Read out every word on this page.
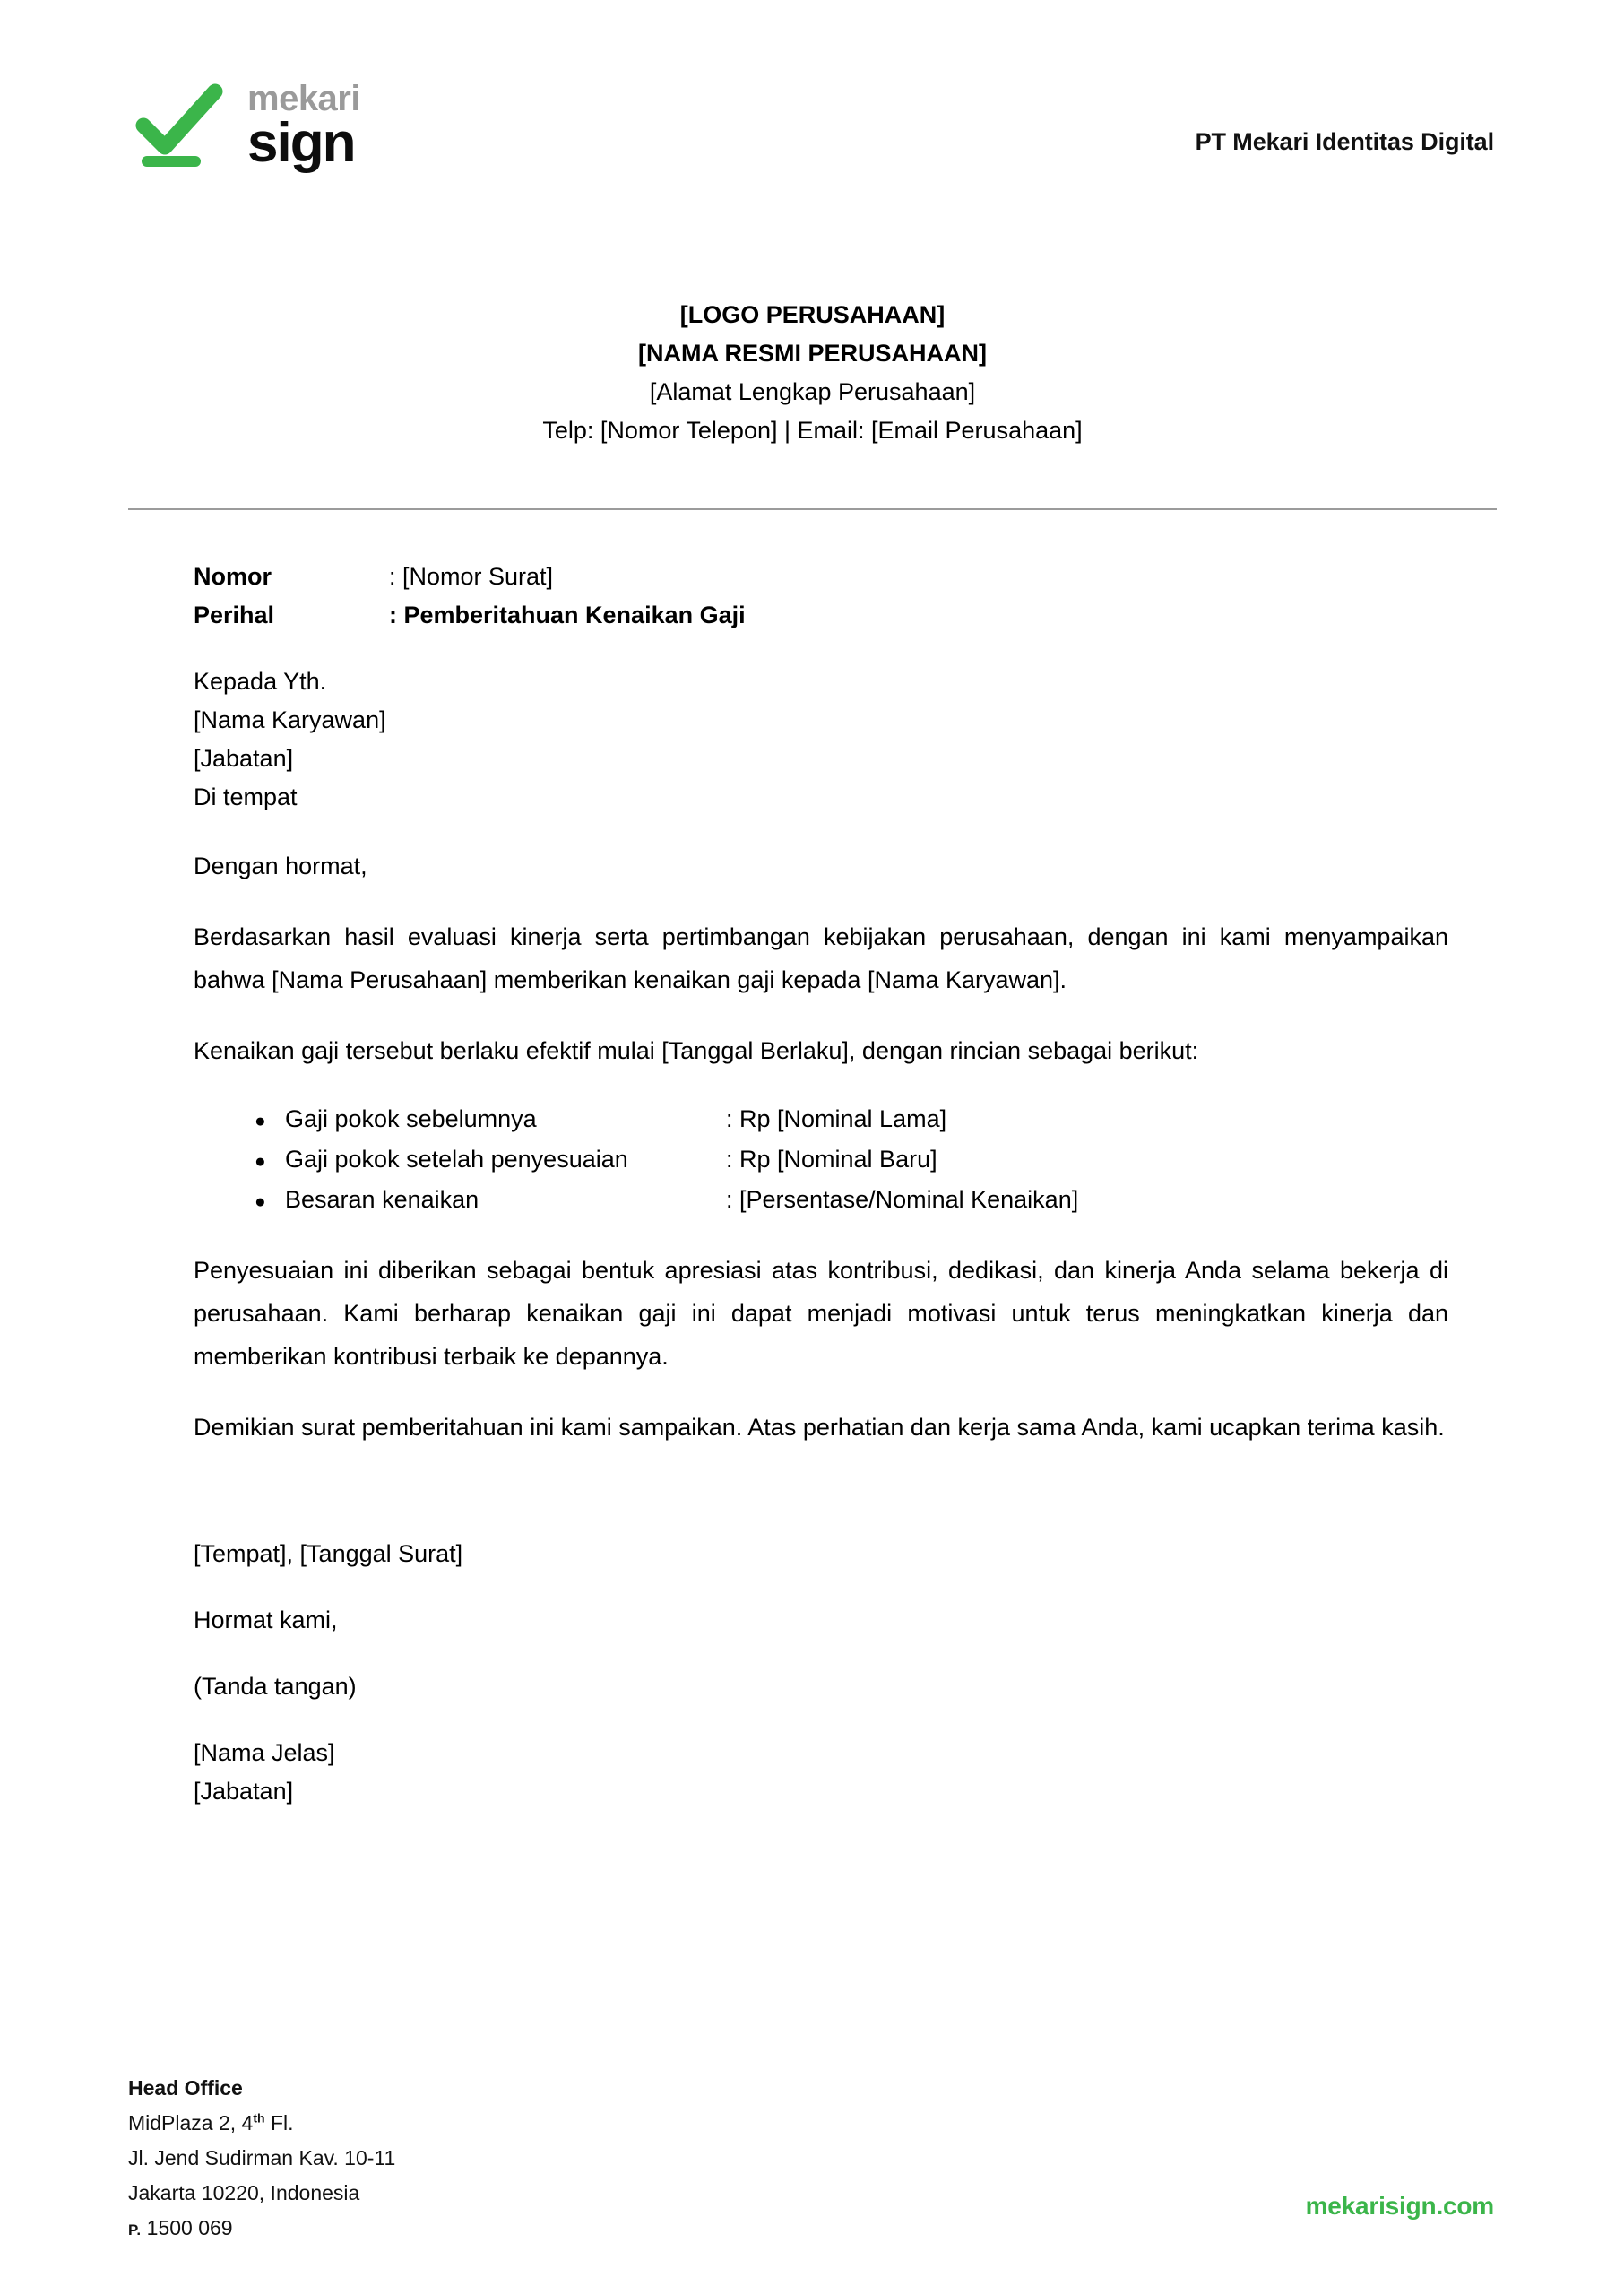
mekari
sign	PT Mekari Identitas Digital
[LOGO PERUSAHAAN]
[NAMA RESMI PERUSAHAAN]
[Alamat Lengkap Perusahaan]
Telp: [Nomor Telepon] | Email: [Email Perusahaan]
Nomor	: [Nomor Surat]
Perihal	: Pemberitahuan Kenaikan Gaji
Kepada Yth.
[Nama Karyawan]
[Jabatan]
Di tempat

Dengan hormat,

Berdasarkan hasil evaluasi kinerja serta pertimbangan kebijakan perusahaan, dengan ini kami menyampaikan bahwa [Nama Perusahaan] memberikan kenaikan gaji kepada [Nama Karyawan].

Kenaikan gaji tersebut berlaku efektif mulai [Tanggal Berlaku], dengan rincian sebagai berikut:

● Gaji pokok sebelumnya	: Rp [Nominal Lama]
● Gaji pokok setelah penyesuaian	: Rp [Nominal Baru]
● Besaran kenaikan	: [Persentase/Nominal Kenaikan]

Penyesuaian ini diberikan sebagai bentuk apresiasi atas kontribusi, dedikasi, dan kinerja Anda selama bekerja di perusahaan. Kami berharap kenaikan gaji ini dapat menjadi motivasi untuk terus meningkatkan kinerja dan memberikan kontribusi terbaik ke depannya.

Demikian surat pemberitahuan ini kami sampaikan. Atas perhatian dan kerja sama Anda, kami ucapkan terima kasih.

[Tempat], [Tanggal Surat]
Hormat kami,
(Tanda tangan)
[Nama Jelas]
[Jabatan]
Head Office
MidPlaza 2, 4th Fl.
Jl. Jend Sudirman Kav. 10-11
Jakarta 10220, Indonesia
P. 1500 069
mekarisign.com
